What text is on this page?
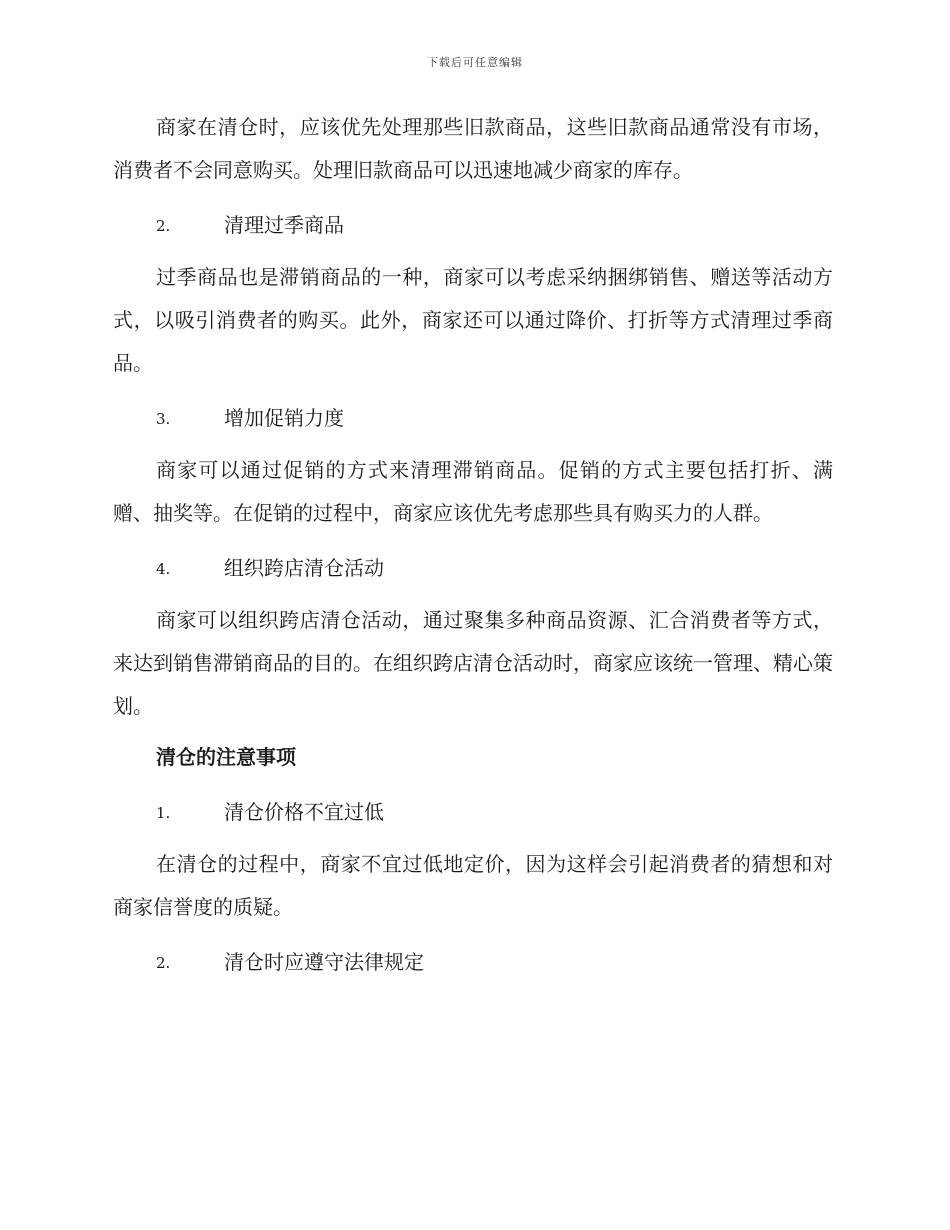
下载后可任意编辑

商家在清仓时，应该优先处理那些旧款商品，这些旧款商品通常没有市场，消费者不会同意购买。处理旧款商品可以迅速地减少商家的库存。

2.	清理过季商品

过季商品也是滞销商品的一种，商家可以考虑采纳捆绑销售、赠送等活动方式，以吸引消费者的购买。此外，商家还可以通过降价、打折等方式清理过季商品。

3.	增加促销力度

商家可以通过促销的方式来清理滞销商品。促销的方式主要包括打折、满赠、抽奖等。在促销的过程中，商家应该优先考虑那些具有购买力的人群。

4.	组织跨店清仓活动

商家可以组织跨店清仓活动，通过聚集多种商品资源、汇合消费者等方式，来达到销售滞销商品的目的。在组织跨店清仓活动时，商家应该统一管理、精心策划。

清仓的注意事项
1.	清仓价格不宜过低

在清仓的过程中，商家不宜过低地定价，因为这样会引起消费者的猜想和对商家信誉度的质疑。

2.	清仓时应遵守法律规定
